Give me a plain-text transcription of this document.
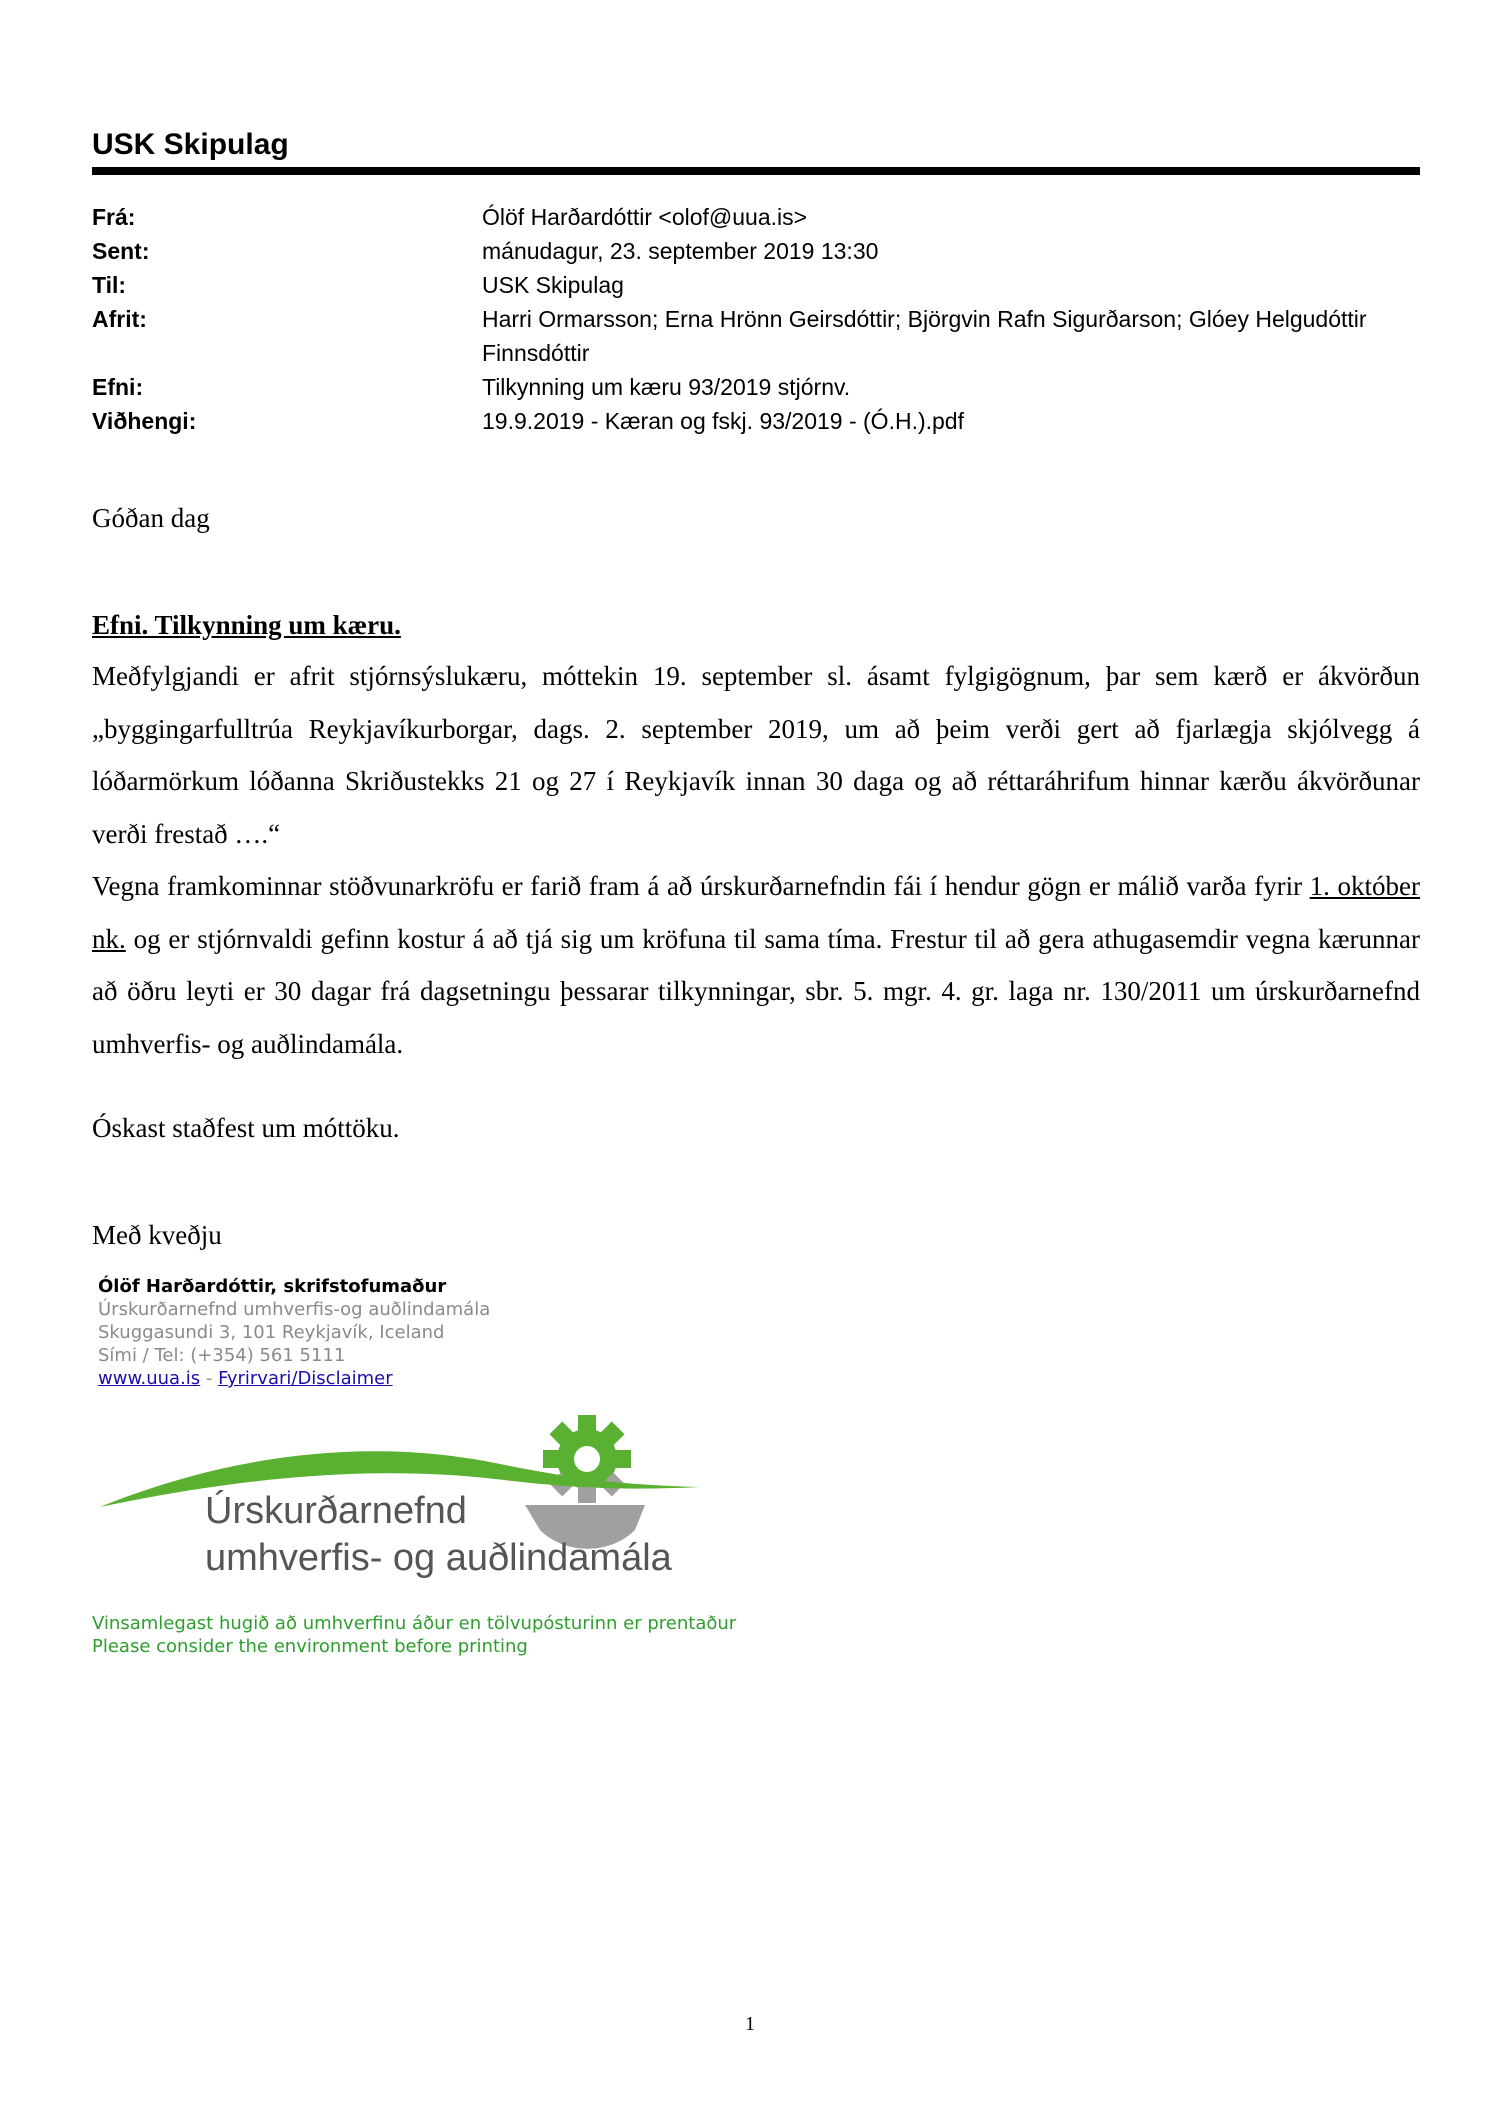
USK Skipulag
Frá:	Ólöf Harðardóttir <olof@uua.is>
Sent:	mánudagur, 23. september 2019 13:30
Til:	USK Skipulag
Afrit:	Harri Ormarsson; Erna Hrönn Geirsdóttir; Björgvin Rafn Sigurðarson; Glóey Helgudóttir Finnsdóttir
Efni:	Tilkynning um kæru 93/2019 stjórnv.
Viðhengi:	19.9.2019 - Kæran og fskj. 93/2019 - (Ó.H.).pdf
Góðan dag
Efni. Tilkynning um kæru.

Meðfylgjandi er afrit stjórnsýslukæru, móttekin 19. september sl. ásamt fylgigögnum, þar sem kærð er ákvörðun „byggingarfulltrúa Reykjavíkurborgar, dags. 2. september 2019, um að þeim verði gert að fjarlægja skjólvegg á lóðarmörkum lóðanna Skriðustekks 21 og 27 í Reykjavík innan 30 daga og að réttaráhrifum hinnar kærðu ákvörðunar verði frestað ….“

Vegna framkominnar stöðvunarkröfu er farið fram á að úrskurðarnefndin fái í hendur gögn er málið varða fyrir 1. október nk. og er stjórnvaldi gefinn kostur á að tjá sig um kröfuna til sama tíma. Frestur til að gera athugasemdir vegna kærunnar að öðru leyti er 30 dagar frá dagsetningu þessarar tilkynningar, sbr. 5. mgr. 4. gr. laga nr. 130/2011 um úrskurðarnefnd umhverfis- og auðlindamála.

Óskast staðfest um móttöku.
Með kveðju
Ólöf Harðardóttir, skrifstofumaður
Úrskurðarnefnd umhverfis-og auðlindamála
Skuggasundi 3, 101 Reykjavík, Iceland
Sími / Tel: (+354) 561 5111
www.uua.is - Fyrirvari/Disclaimer
Úrskurðarnefnd
umhverfis- og auðlindamála
Vinsamlegast hugið að umhverfinu áður en tölvupósturinn er prentaður
Please consider the environment before printing
1
